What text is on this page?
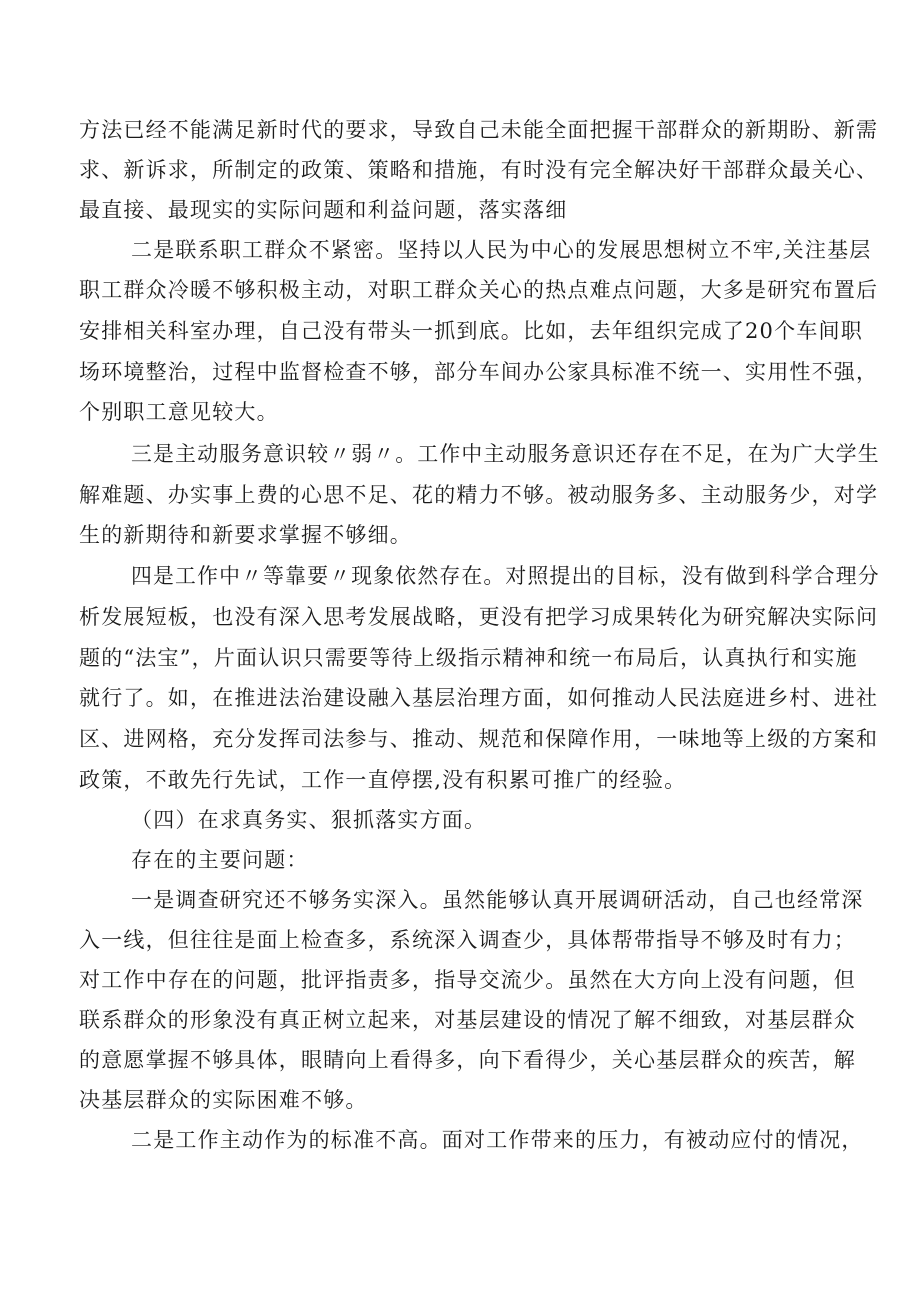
方法已经不能满足新时代的要求，导致自己未能全面把握干部群众的新期盼、新需
求、新诉求，所制定的政策、策略和措施，有时没有完全解决好干部群众最关心、
最直接、最现实的实际问题和利益问题，落实落细
二是联系职工群众不紧密。坚持以人民为中心的发展思想树立不牢,关注基层
职工群众冷暖不够积极主动，对职工群众关心的热点难点问题，大多是研究布置后
安排相关科室办理，自己没有带头一抓到底。比如，去年组织完成了20个车间职
场环境整治，过程中监督检查不够，部分车间办公家具标准不统一、实用性不强，
个别职工意见较大。
三是主动服务意识较〃弱〃。工作中主动服务意识还存在不足，在为广大学生
解难题、办实事上费的心思不足、花的精力不够。被动服务多、主动服务少，对学
生的新期待和新要求掌握不够细。
四是工作中〃等靠要〃现象依然存在。对照提出的目标，没有做到科学合理分
析发展短板，也没有深入思考发展战略，更没有把学习成果转化为研究解决实际问
题的“法宝”，片面认识只需要等待上级指示精神和统一布局后，认真执行和实施
就行了。如，在推进法治建设融入基层治理方面，如何推动人民法庭进乡村、进社
区、进网格，充分发挥司法参与、推动、规范和保障作用，一味地等上级的方案和
政策，不敢先行先试，工作一直停摆,没有积累可推广的经验。
（四）在求真务实、狠抓落实方面。
存在的主要问题：
一是调查研究还不够务实深入。虽然能够认真开展调研活动，自己也经常深
入一线，但往往是面上检查多，系统深入调查少，具体帮带指导不够及时有力；
对工作中存在的问题，批评指责多，指导交流少。虽然在大方向上没有问题，但
联系群众的形象没有真正树立起来，对基层建设的情况了解不细致，对基层群众
的意愿掌握不够具体，眼睛向上看得多，向下看得少，关心基层群众的疾苦，解
决基层群众的实际困难不够。
二是工作主动作为的标准不高。面对工作带来的压力，有被动应付的情况，
